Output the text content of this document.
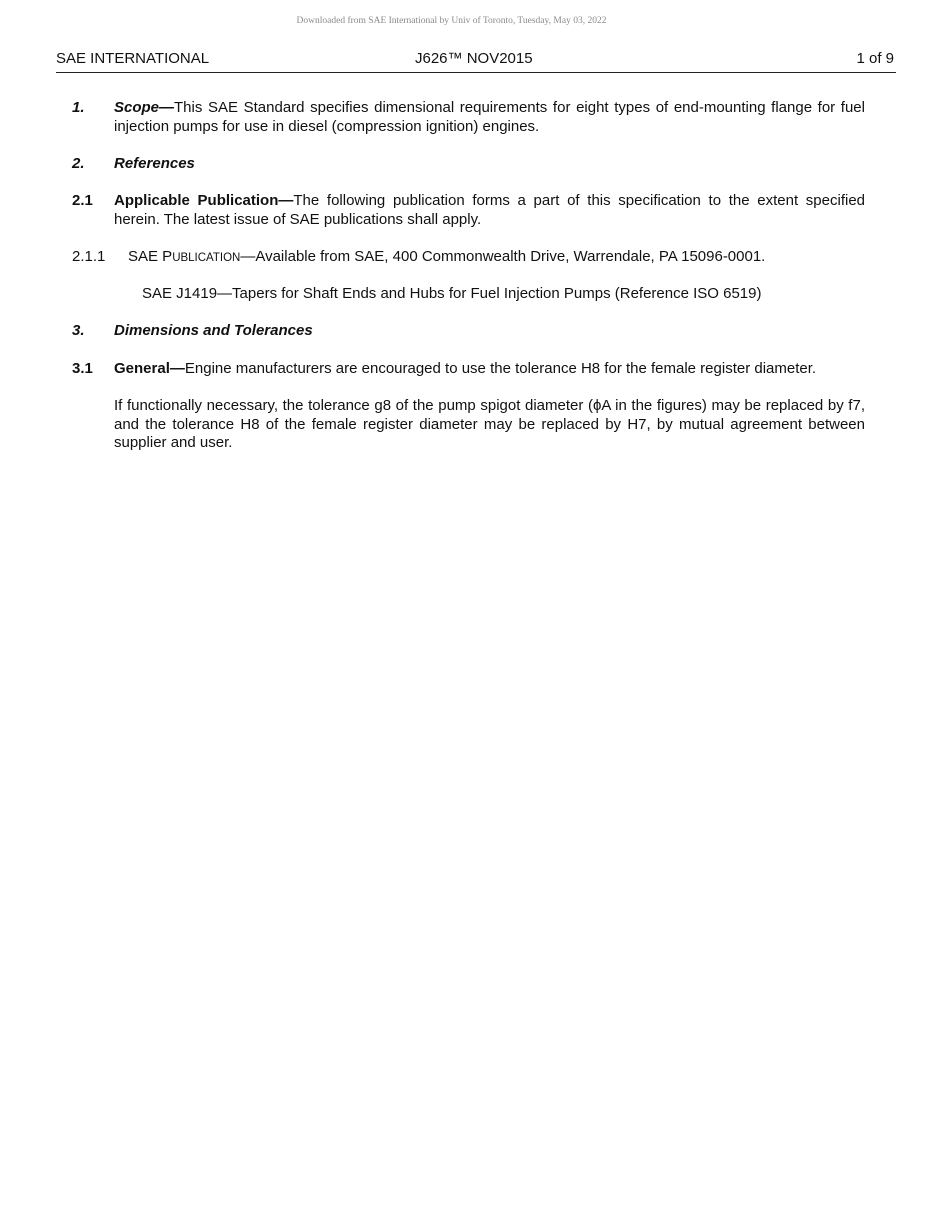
Downloaded from SAE International by Univ of Toronto, Tuesday, May 03, 2022
SAE INTERNATIONAL	J626™ NOV2015	1 of 9
1. Scope—This SAE Standard specifies dimensional requirements for eight types of end-mounting flange for fuel injection pumps for use in diesel (compression ignition) engines.
2. References
2.1 Applicable Publication—The following publication forms a part of this specification to the extent specified herein. The latest issue of SAE publications shall apply.
2.1.1 SAE PUBLICATION—Available from SAE, 400 Commonwealth Drive, Warrendale, PA 15096-0001.
SAE J1419—Tapers for Shaft Ends and Hubs for Fuel Injection Pumps (Reference ISO 6519)
3. Dimensions and Tolerances
3.1 General—Engine manufacturers are encouraged to use the tolerance H8 for the female register diameter.
If functionally necessary, the tolerance g8 of the pump spigot diameter (ϕA in the figures) may be replaced by f7, and the tolerance H8 of the female register diameter may be replaced by H7, by mutual agreement between supplier and user.
